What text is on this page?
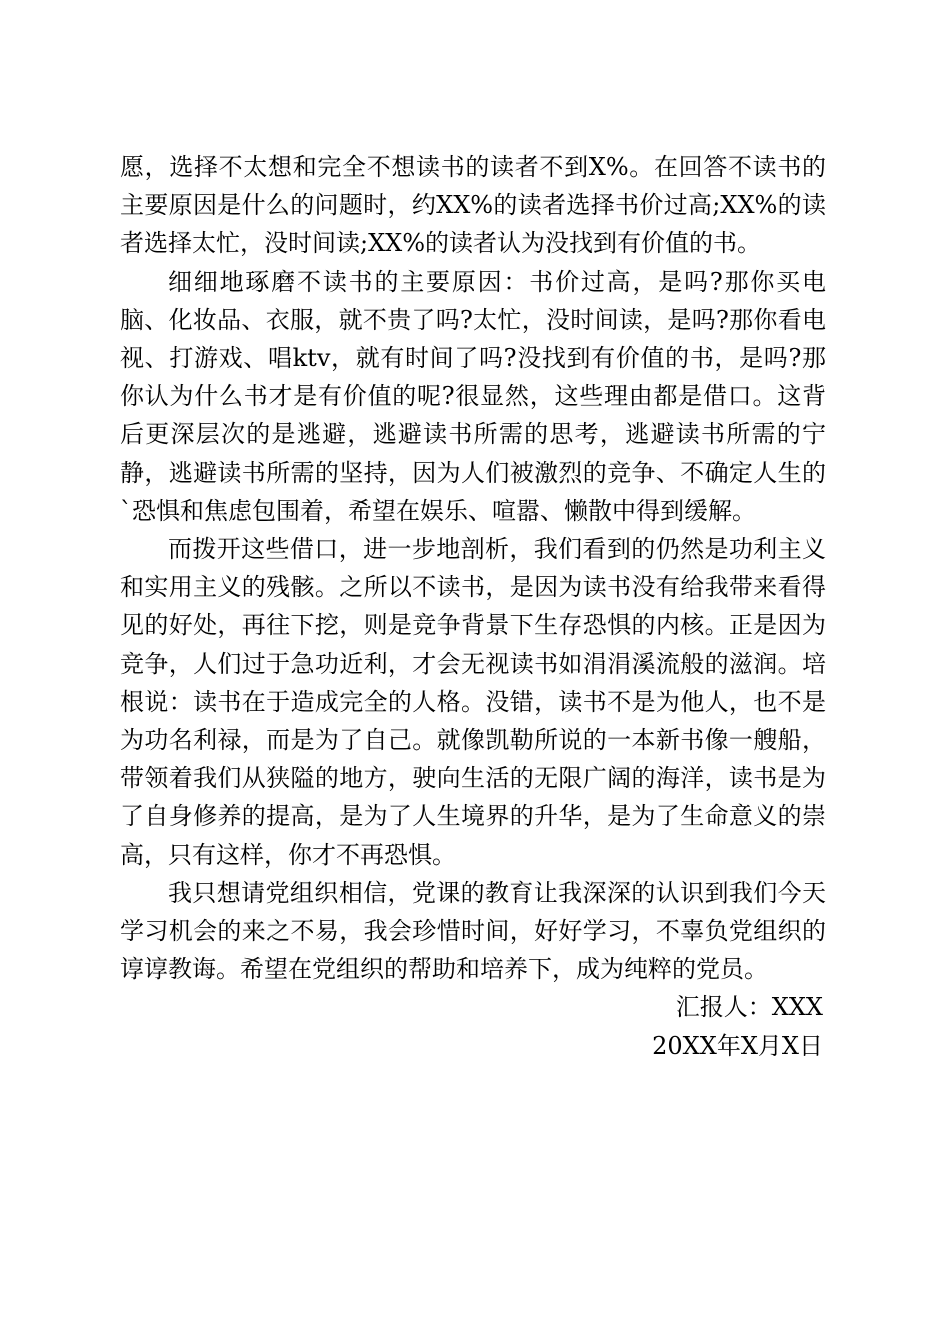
愿，选择不太想和完全不想读书的读者不到X%。在回答不读书的主要原因是什么的问题时，约XX%的读者选择书价过高;XX%的读者选择太忙，没时间读;XX%的读者认为没找到有价值的书。

细细地琢磨不读书的主要原因：书价过高，是吗?那你买电脑、化妆品、衣服，就不贵了吗?太忙，没时间读，是吗?那你看电视、打游戏、唱ktv，就有时间了吗?没找到有价值的书，是吗?那你认为什么书才是有价值的呢?很显然，这些理由都是借口。这背后更深层次的是逃避，逃避读书所需的思考，逃避读书所需的宁静，逃避读书所需的坚持，因为人们被激烈的竞争、不确定人生的`恐惧和焦虑包围着，希望在娱乐、喧嚣、懒散中得到缓解。

而拨开这些借口，进一步地剖析，我们看到的仍然是功利主义和实用主义的残骸。之所以不读书，是因为读书没有给我带来看得见的好处，再往下挖，则是竞争背景下生存恐惧的内核。正是因为竞争，人们过于急功近利，才会无视读书如涓涓溪流般的滋润。培根说：读书在于造成完全的人格。没错，读书不是为他人，也不是为功名利禄，而是为了自己。就像凯勒所说的一本新书像一艘船，带领着我们从狭隘的地方，驶向生活的无限广阔的海洋，读书是为了自身修养的提高，是为了人生境界的升华，是为了生命意义的崇高，只有这样，你才不再恐惧。

我只想请党组织相信，党课的教育让我深深的认识到我们今天学习机会的来之不易，我会珍惜时间，好好学习，不辜负党组织的谆谆教诲。希望在党组织的帮助和培养下，成为纯粹的党员。

汇报人：XXX

20XX年X月X日
